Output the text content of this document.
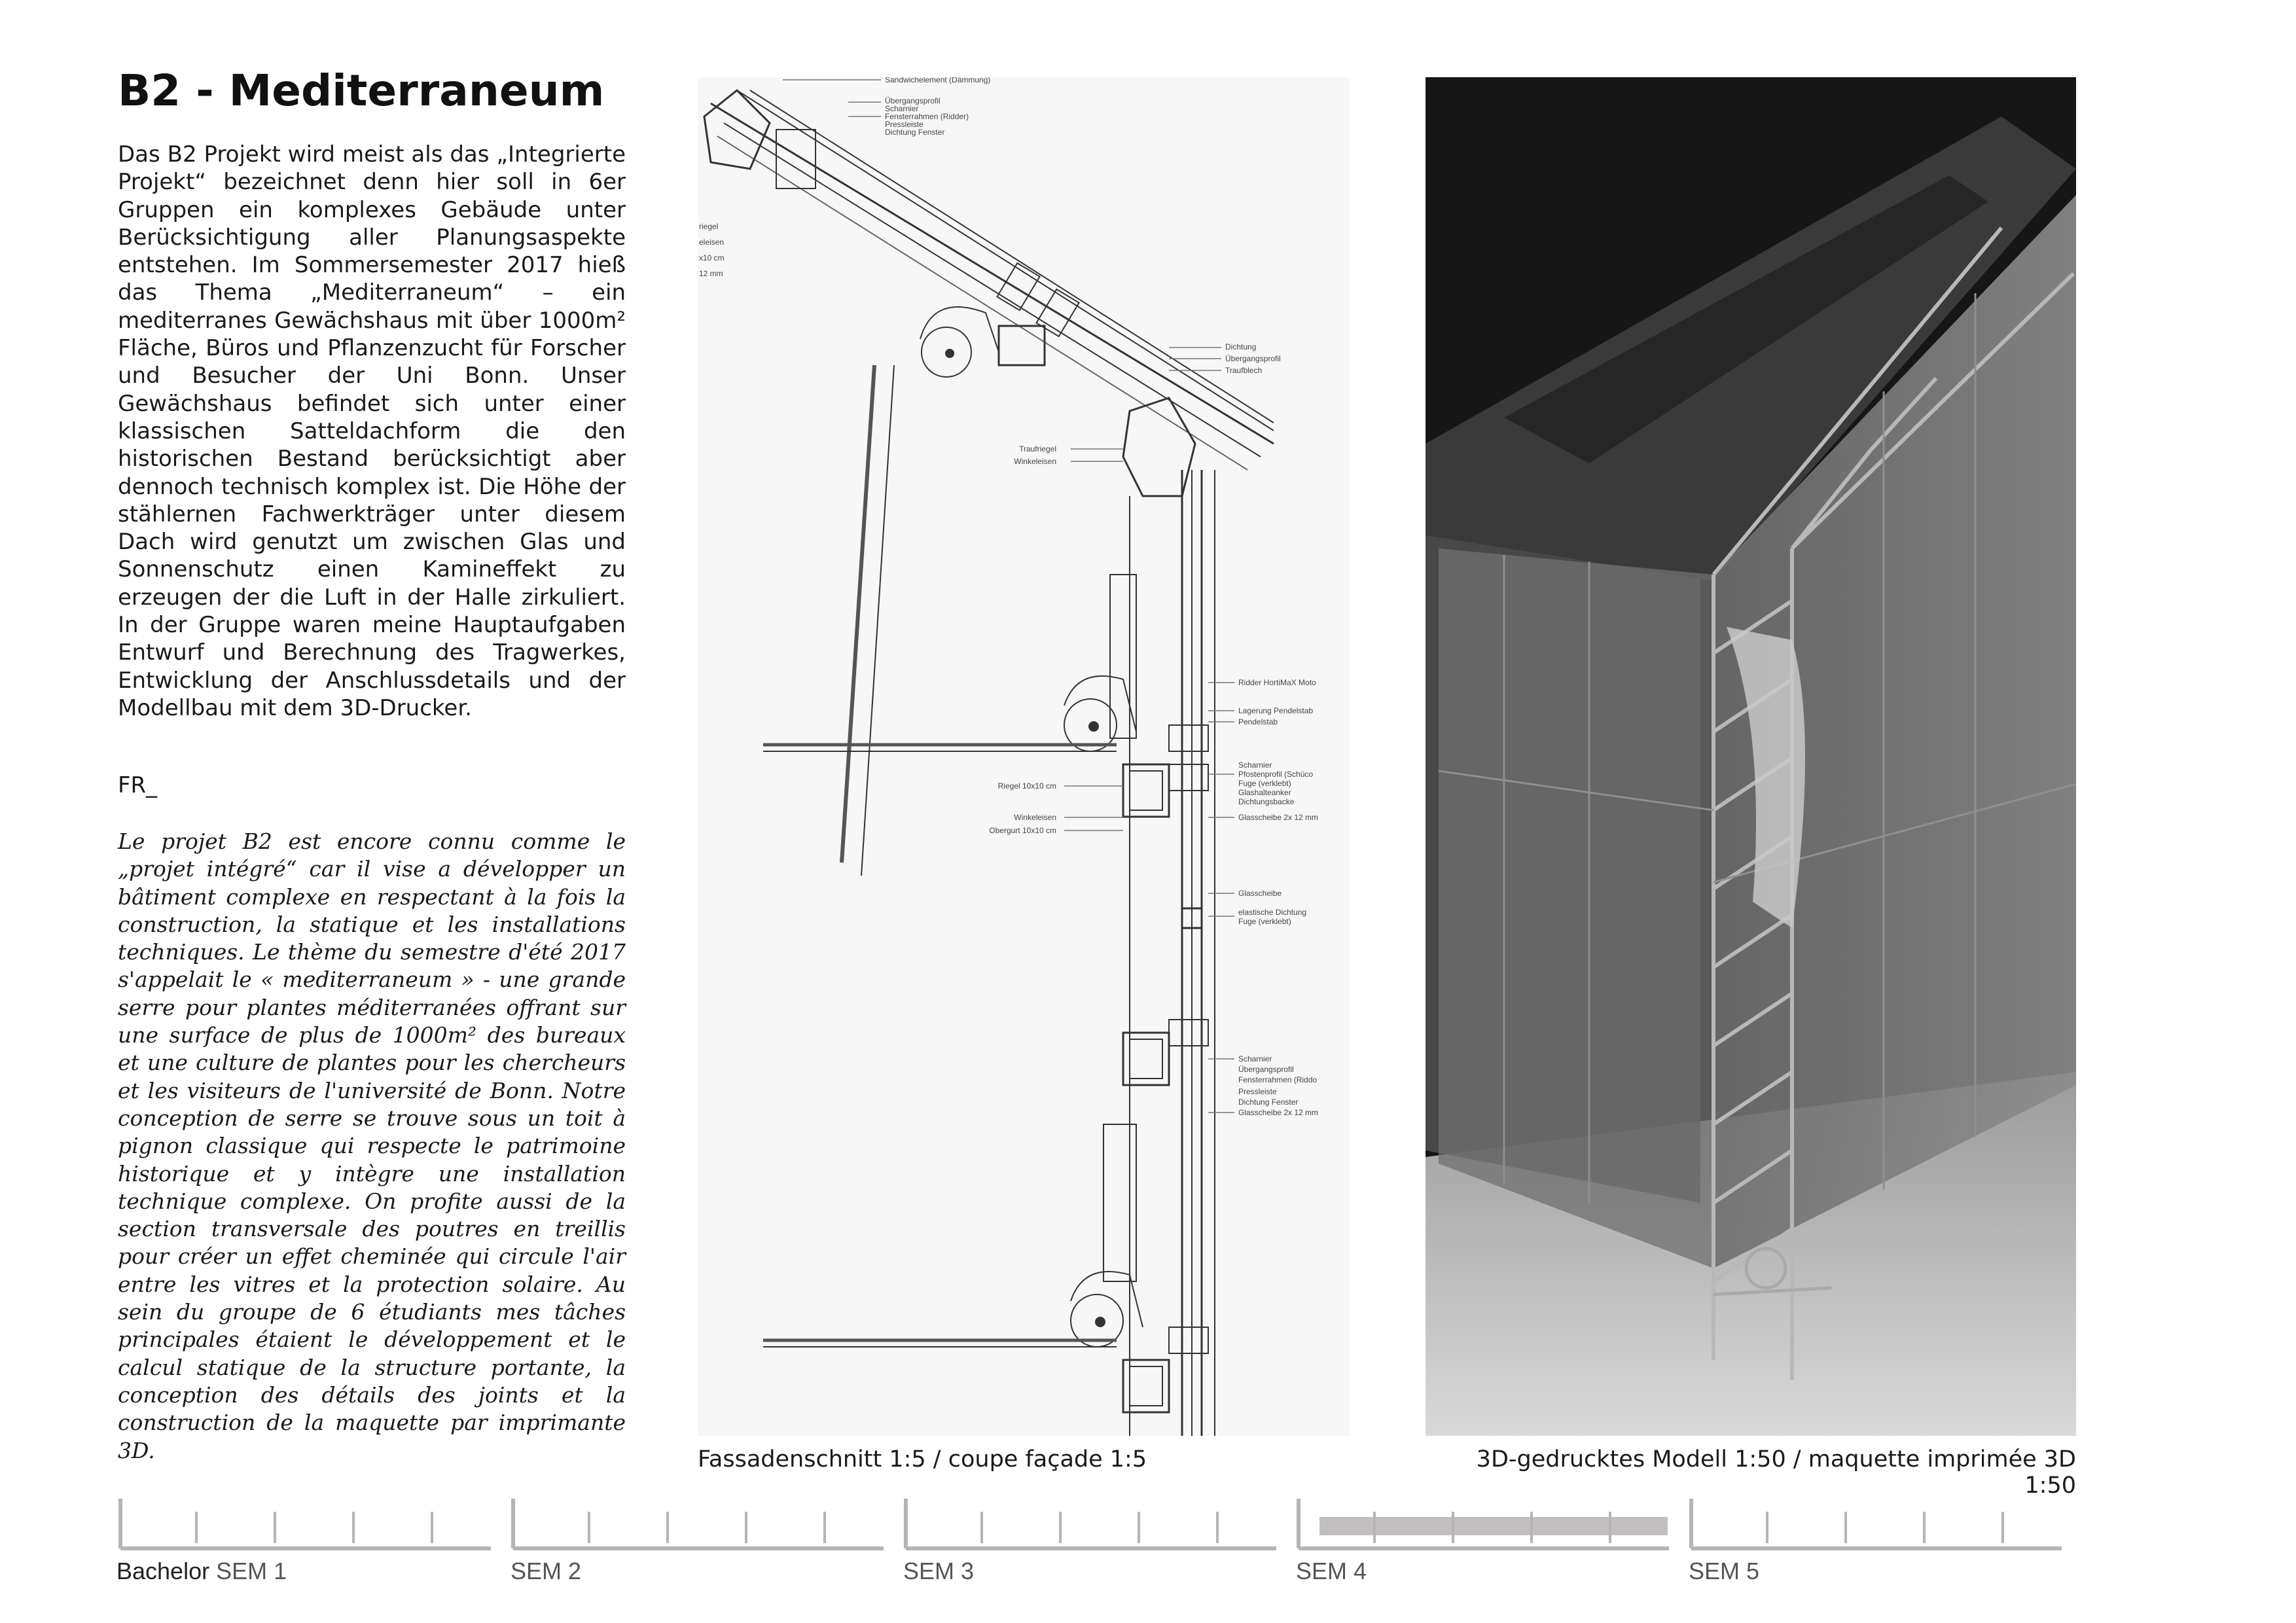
B2 - Mediterraneum

Das B2 Projekt wird meist als das „Integrierte Projekt“ bezeichnet denn hier soll in 6er Gruppen ein komplexes Gebäude unter Berücksichtigung aller Planungsaspekte entstehen. Im Sommersemester 2017 hieß das Thema „Mediterraneum“ – ein mediterranes Gewächshaus mit über 1000m² Fläche, Büros und Pflanzenzucht für Forscher und Besucher der Uni Bonn. Unser Gewächshaus befindet sich unter einer klassischen Satteldachform die den historischen Bestand berücksichtigt aber dennoch technisch komplex ist. Die Höhe der stählernen Fachwerkträger unter diesem Dach wird genutzt um zwischen Glas und Sonnenschutz einen Kamineffekt zu erzeugen der die Luft in der Halle zirkuliert. In der Gruppe waren meine Hauptaufgaben Entwurf und Berechnung des Tragwerkes, Entwicklung der Anschlussdetails und der Modellbau mit dem 3D-Drucker.

FR_

Le projet B2 est encore connu comme le „projet intégré“ car il vise a développer un bâtiment complexe en respectant à la fois la construction, la statique et les installations techniques. Le thème du semestre d'été 2017 s'appelait le « mediterraneum » - une grande serre pour plantes méditerranées offrant sur une surface de plus de 1000m² des bureaux et une culture de plantes pour les chercheurs et les visiteurs de l'université de Bonn. Notre conception de serre se trouve sous un toit à pignon classique qui respecte le patrimoine historique et y intègre une installation technique complexe. On profite aussi de la section transversale des poutres en treillis pour créer un effet cheminée qui circule l'air entre les vitres et la protection solaire. Au sein du groupe de 6 étudiants mes tâches principales étaient le développement et le calcul statique de la structure portante, la conception des détails des joints et la construction de la maquette par imprimante 3D.

Sandwichelement (Dämmung)
Übergangsprofil
Scharnier
Fensterrahmen (Ridder)
Pressleiste
Dichtung Fenster
riegel
eleisen
x10 cm
12 mm
Dichtung
Übergangsprofil
Traufblech
Traufriegel
Winkeleisen
Ridder HortiMaX Moto
Lagerung Pendelstab
Pendelstab
Scharnier
Pfostenprofil (Schüco
Fuge (verklebt)
Glashalteanker
Dichtungsbacke
Glasscheibe 2x 12 mm
Riegel 10x10 cm
Winkeleisen
Obergurt 10x10 cm
Glasscheibe
elastische Dichtung
Fuge (verklebt)
Scharnier
Übergangsprofil
Fensterrahmen (Riddo
Pressleiste
Dichtung Fenster
Glasscheibe 2x 12 mm
Fassadenschnitt 1:5 / coupe façade 1:5	3D-gedrucktes Modell 1:50 / maquette imprimée 3D 1:50
Bachelor SEM 1	SEM 2	SEM 3	SEM 4	SEM 5
